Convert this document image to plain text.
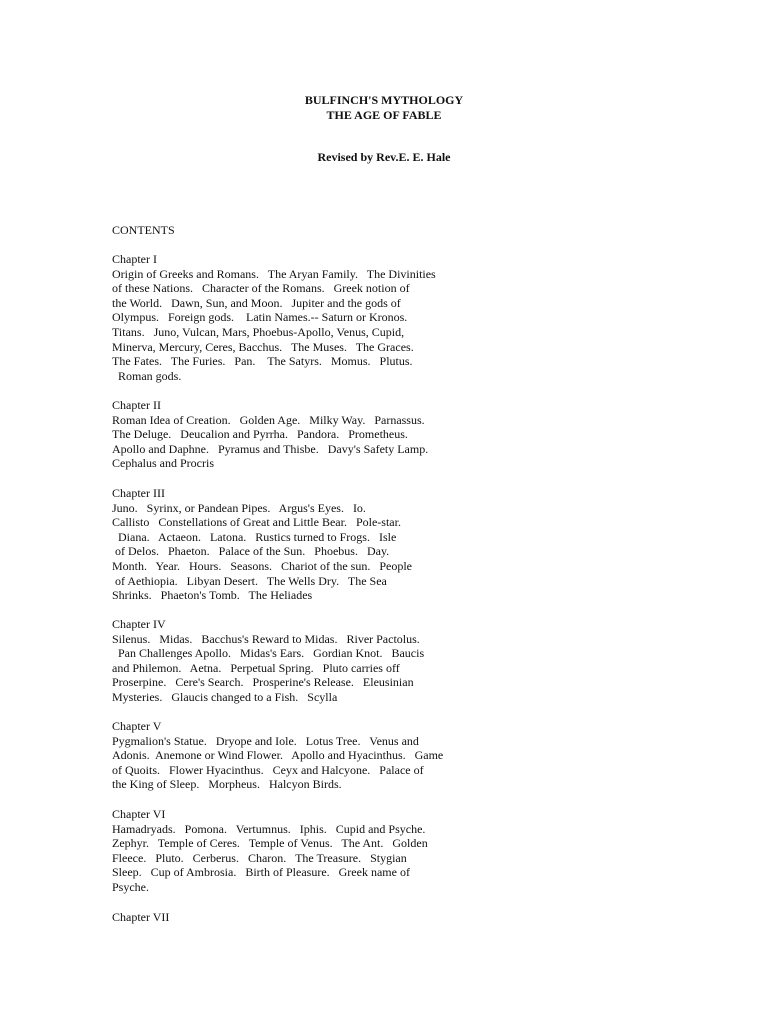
BULFINCH'S MYTHOLOGY
THE AGE OF FABLE
Revised by Rev.E. E. Hale
CONTENTS
Chapter I
Origin of Greeks and Romans.   The Aryan Family.   The Divinities
of these Nations.   Character of the Romans.   Greek notion of
the World.   Dawn, Sun, and Moon.   Jupiter and the gods of
Olympus.   Foreign gods.    Latin Names.-- Saturn or Kronos.
Titans.   Juno, Vulcan, Mars, Phoebus-Apollo, Venus, Cupid,
Minerva, Mercury, Ceres, Bacchus.   The Muses.   The Graces.
The Fates.   The Furies.   Pan.    The Satyrs.   Momus.   Plutus.
Roman gods.
Chapter II
Roman Idea of Creation.   Golden Age.   Milky Way.   Parnassus.
The Deluge.   Deucalion and Pyrrha.   Pandora.   Prometheus.
Apollo and Daphne.   Pyramus and Thisbe.   Davy's Safety Lamp.
Cephalus and Procris
Chapter III
Juno.   Syrinx, or Pandean Pipes.   Argus's Eyes.   Io.
Callisto   Constellations of Great and Little Bear.   Pole-star.
Diana.   Actaeon.   Latona.   Rustics turned to Frogs.   Isle
of Delos.   Phaeton.   Palace of the Sun.   Phoebus.   Day.
Month.   Year.   Hours.   Seasons.   Chariot of the sun.   People
of Aethiopia.   Libyan Desert.   The Wells Dry.   The Sea
Shrinks.   Phaeton's Tomb.   The Heliades
Chapter IV
Silenus.   Midas.   Bacchus's Reward to Midas.   River Pactolus.
Pan Challenges Apollo.   Midas's Ears.   Gordian Knot.   Baucis
and Philemon.   Aetna.   Perpetual Spring.   Pluto carries off
Proserpine.   Cere's Search.   Prosperine's Release.   Eleusinian
Mysteries.   Glaucis changed to a Fish.   Scylla
Chapter V
Pygmalion's Statue.   Dryope and Iole.   Lotus Tree.   Venus and
Adonis.  Anemone or Wind Flower.   Apollo and Hyacinthus.   Game
of Quoits.   Flower Hyacinthus.   Ceyx and Halcyone.   Palace of
the King of Sleep.   Morpheus.   Halcyon Birds.
Chapter VI
Hamadryads.   Pomona.   Vertumnus.   Iphis.   Cupid and Psyche.
Zephyr.   Temple of Ceres.   Temple of Venus.   The Ant.   Golden
Fleece.   Pluto.   Cerberus.   Charon.   The Treasure.   Stygian
Sleep.   Cup of Ambrosia.   Birth of Pleasure.   Greek name of
Psyche.
Chapter VII
